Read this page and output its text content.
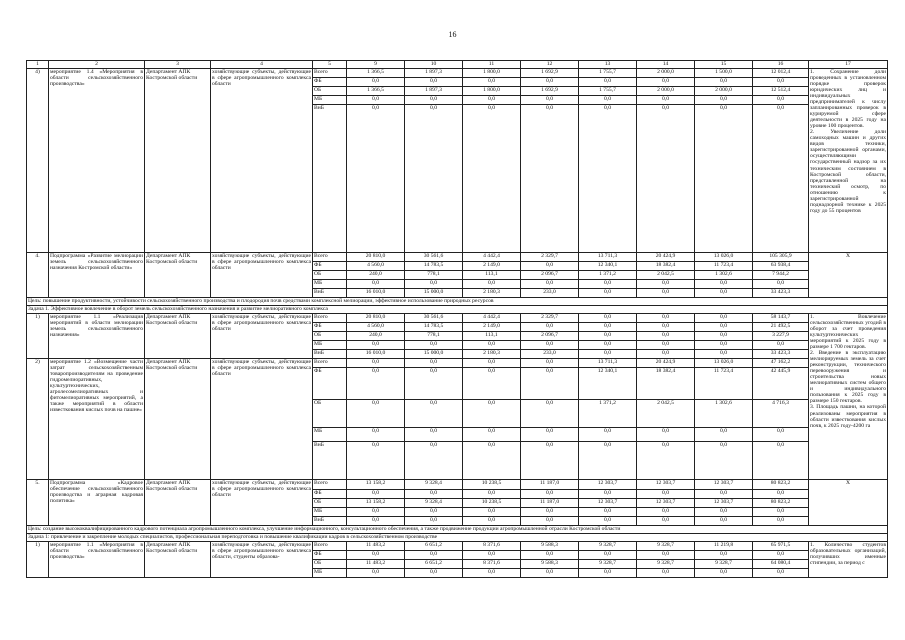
16
1	2	3	4	5	9	10	11	12	13	14	15	16	17
4)	мероприятие 1.4 «Мероприятия в области сельскохозяйственного производства»	Департамент АПК Костромской области	хозяйствующие субъекты, действующие в сфере агропромышленного комплекса области	Всего	1 366,5	1 897,3	1 800,0	1 692,9	1 755,7	2 000,0	1 500,0	12 012,4	1. Сохранение доли проведенных в установленном порядке проверок юридических лиц и индивидуальных предпринимателей к числу запланированных проверок в курируемой сфере деятельности в 2025 году на уровне 100 процентов.
2. Увеличение доли самоходных машин и других видов техники, зарегистрированной органами, осуществляющими государственный надзор за их техническим состоянием в Костромской области, представленной на технический осмотр, по отношению к зарегистрированной поднадзорной технике к 2025 году до 55 процентов
				ФБ	0,0	0,0	0,0	0,0	0,0	0,0	0,0	0,0	
				ОБ	1 366,5	1 897,3	1 800,0	1 692,9	1 755,7	2 000,0	2 000,0	12 512,4	
				МБ	0,0	0,0	0,0	0,0	0,0	0,0	0,0	0,0	
				ВнБ	0,0	0,0	0,0	0,0	0,0	0,0	0,0	0,0	
4.	Подпрограмма «Развитие мелиорации земель сельскохозяйственного назначения Костромской области»	Департамент АПК Костромской области	хозяйствующие субъекты, действующие в сфере агропромышленного комплекса области	Всего	20 810,0	30 561,6	4 442,4	2 329,7	13 711,3	20 424,9	13 026,0	105 305,9	X
				ФБ	4 560,0	14 783,5	2 149,0	0,0	12 340,1	18 382,4	11 723,4	63 938,4	
				ОБ	240,0	778,1	113,1	2 096,7	1 371,2	2 042,5	1 302,6	7 944,2	
				МБ	0,0	0,0	0,0	0,0	0,0	0,0	0,0	0,0	
				ВнБ	16 010,0	15 000,0	2 180,3	233,0	0,0	0,0	0,0	33 423,3	
Цель: повышение продуктивности, устойчивости сельскохозяйственного производства и плодородия почв средствами комплексной мелиорации, эффективное использование природных ресурсов													
Задача 1. Эффективное вовлечение в оборот земель сельскохозяйственного назначения и развитие мелиоративного комплекса													
1)	мероприятие 1.1 «Реализация мероприятий в области мелиорации земель сельскохозяйственного назначения»	Департамент АПК Костромской области	хозяйствующие субъекты, действующие в сфере агропромышленного комплекса области	Всего	20 810,0	30 561,6	4 442,4	2 329,7	0,0	0,0	0,0	58 143,7	1. Вовлечение сельскохозяйственных угодий в оборот за счет проведения культуртехнических мероприятий к 2025 году в размере 1 700 гектаров.
2. Введение в эксплуатацию мелиорируемых земель за счет реконструкции, технического перевооружения и строительства новых мелиоративных систем общего и индивидуального пользования к 2025 году в размере 150 гектаров.
3. Площадь пашни, на которой реализованы мероприятия в области известкования кислых почв, к 2025 году-4200 га
				ФБ	4 560,0	14 783,5	2 149,0	0,0	0,0	0,0	0,0	21 492,5	
				ОБ	240,0	778,1	113,1	2 096,7	0,0	0,0	0,0	3 227,9	
				МБ	0,0	0,0	0,0	0,0	0,0	0,0	0,0	0,0	
				ВнБ	16 010,0	15 000,0	2 180,3	233,0	0,0	0,0	0,0	33 423,3	
2)	мероприятие 1.2 «Возмещение части затрат сельскохозяйственным товаропроизводителям на проведение гидромелиоративных, культуртехнических, агролесомелиоративных и фитомелиоративных мероприятий, а также мероприятий в области известкования кислых почв на пашне»	Департамент АПК Костромской области	хозяйствующие субъекты, действующие в сфере агропромышленного комплекса области	Всего	0,0	0,0	0,0	0,0	13 711,3	20 424,9	13 026,0	47 162,2	
				ФБ	0,0	0,0	0,0	0,0	12 340,1	18 382,4	11 723,4	42 445,9	
				ОБ	0,0	0,0	0,0	0,0	1 371,2	2 042,5	1 302,6	4 716,3	
				МБ	0,0	0,0	0,0	0,0	0,0	0,0	0,0	0,0	
				ВнБ	0,0	0,0	0,0	0,0	0,0	0,0	0,0	0,0	
5.	Подпрограмма «Кадровое обеспечение сельскохозяйственного производства и аграрная кадровая политика»	Департамент АПК Костромской области	хозяйствующие субъекты, действующие в сфере агропромышленного комплекса области	Всего	13 158,2	9 328,4	10 238,5	11 187,0	12 303,7	12 303,7	12 303,7	80 823,2	X
				ФБ	0,0	0,0	0,0	0,0	0,0	0,0	0,0	0,0	
				ОБ	13 158,2	9 328,4	10 238,5	11 187,0	12 303,7	12 303,7	12 303,7	80 823,2	
				МБ	0,0	0,0	0,0	0,0	0,0	0,0	0,0	0,0	
				ВнБ	0,0	0,0	0,0	0,0	0,0	0,0	0,0	0,0	
Цель: создание высококвалифицированного кадрового потенциала агропромышленного комплекса, улучшение информационного, консультационного обеспечения, а также продвижение продукции агропромышленной отрасли Костромской области													
Задача 1: привлечение и закрепление молодых специалистов, профессиональная переподготовка и повышение квалификации кадров в сельскохозяйственном производстве													
1)	мероприятие 1.1 «Мероприятия в области сельскохозяйственного производства»	Департамент АПК Костромской области	хозяйствующие субъекты, действующие в сфере агропромышленного комплекса области, студенты образова-	Всего	11 483,2	6 651,2	8 371,6	9 588,3	9 328,7	9 328,7	11 219,8	65 971,5	1. Количество студентов образовательных организаций, получивших именные стипендии, за период с
				ФБ	0,0	0,0	0,0	0,0	0,0	0,0	0,0	0,0	
				ОБ	11 483,2	6 651,2	8 371,6	9 588,3	9 328,7	9 328,7	9 328,7	64 080,4	
				МБ	0,0	0,0	0,0	0,0	0,0	0,0	0,0	0,0	
